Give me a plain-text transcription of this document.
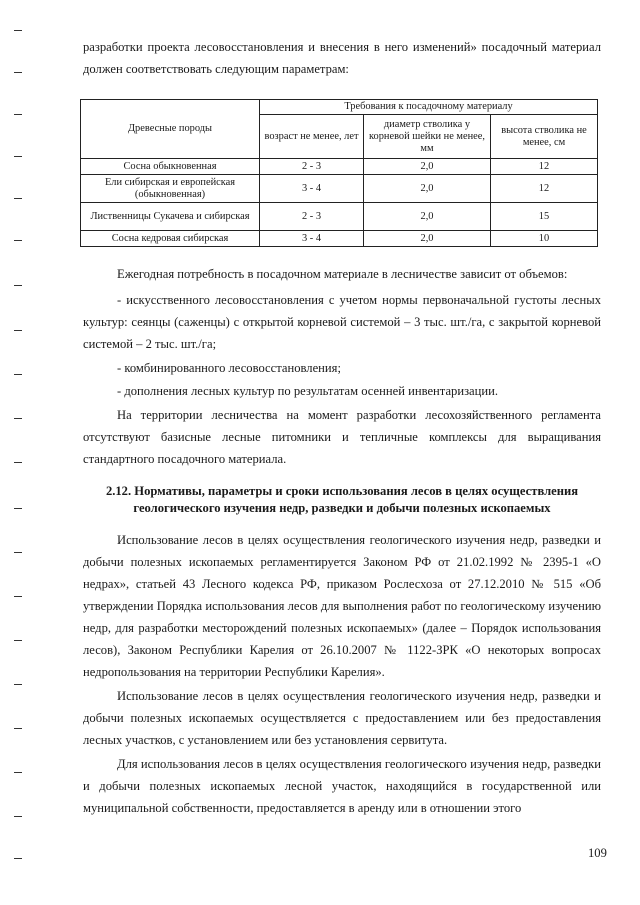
разработки проекта лесовосстановления и внесения в него изменений» посадочный материал должен соответствовать следующим параметрам:

Древесные породы	Требования к посадочному материалу		
	возраст не менее, лет	диаметр стволика у корневой шейки не менее, мм	высота стволика не менее, см
Сосна обыкновенная	2 - 3	2,0	12
Ели сибирская и европейская (обыкновенная)	3 - 4	2,0	12
Лиственницы Сукачева и сибирская	2 - 3	2,0	15
Сосна кедровая сибирская	3 - 4	2,0	10

Ежегодная потребность в посадочном материале в лесничестве зависит от объемов:

- искусственного лесовосстановления с учетом нормы первоначальной густоты лесных культур: сеянцы (саженцы) с открытой корневой системой – 3 тыс. шт./га, с закрытой корневой системой – 2 тыс. шт./га;

- комбинированного лесовосстановления;

- дополнения лесных культур по результатам осенней инвентаризации.

На территории лесничества на момент разработки лесохозяйственного регламента отсутствуют базисные лесные питомники и тепличные комплексы для выращивания стандартного посадочного материала.

2.12. Нормативы, параметры и сроки использования лесов в целях осуществления геологического изучения недр, разведки и добычи полезных ископаемых

Использование лесов в целях осуществления геологического изучения недр, разведки и добычи полезных ископаемых регламентируется Законом РФ от 21.02.1992 № 2395-1 «О недрах», статьей 43 Лесного кодекса РФ, приказом Рослесхоза от 27.12.2010 № 515 «Об утверждении Порядка использования лесов для выполнения работ по геологическому изучению недр, для разработки месторождений полезных ископаемых» (далее – Порядок использования лесов), Законом Республики Карелия от 26.10.2007 № 1122-ЗРК «О некоторых вопросах недропользования на территории Республики Карелия».

Использование лесов в целях осуществления геологического изучения недр, разведки и добычи полезных ископаемых осуществляется с предоставлением или без предоставления лесных участков, с установлением или без установления сервитута.

Для использования лесов в целях осуществления геологического изучения недр, разведки и добычи полезных ископаемых лесной участок, находящийся в государственной или муниципальной собственности, предоставляется в аренду или в отношении этого

109
